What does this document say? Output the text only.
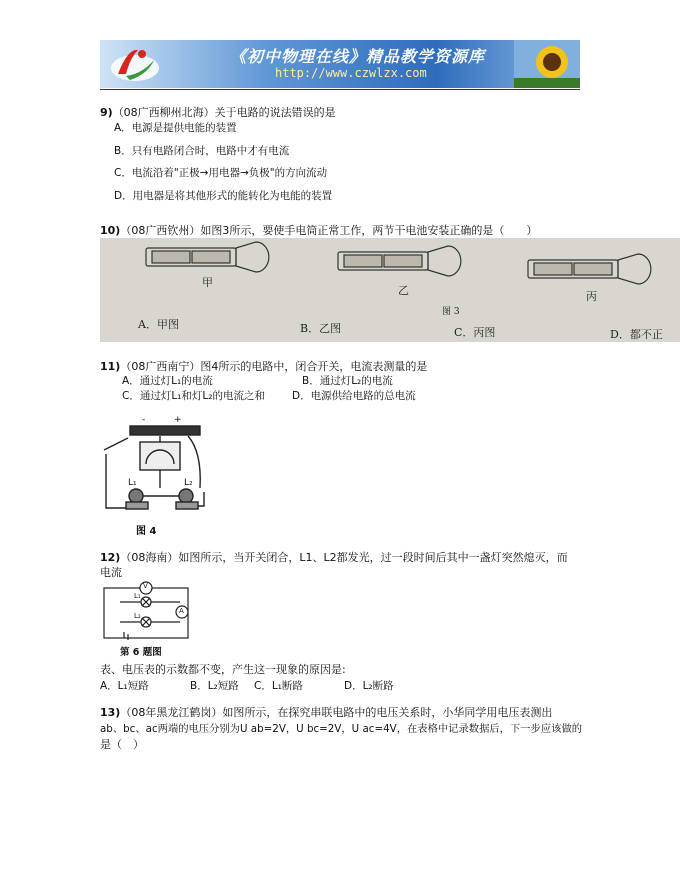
《初中物理在线》精品教学资源库
http://www.czwlzx.com
9)（08广西柳州北海）关于电路的说法错误的是
A．电源是提供电能的装置
B．只有电路闭合时，电路中才有电流
C．电流沿着"正极→用电器→负极"的方向流动
D．用电器是将其他形式的能转化为电能的装置
10)（08广西钦州）如图3所示，要使手电筒正常工作，两节干电池安装正确的是（　　）
甲
乙	丙
图 3
A．甲图	B．乙图	C．丙图	D．都不正
11)（08广西南宁）图4所示的电路中，闭合开关，电流表测量的是
A．通过灯L₁的电流	B．通过灯L₂的电流
C．通过灯L₁和灯L₂的电流之和	D．电源供给电路的总电流
-	+
L₁	L₂
图 4
12)（08海南）如图所示，当开关闭合，L1、L2都发光，过一段时间后其中一盏灯突然熄灭，而
电流
V
L₁
A
L₂
第 6 题图
表、电压表的示数都不变，产生这一现象的原因是:
A．L₁短路	B．L₂短路 C．L₁断路	D．L₂断路
13)（08年黑龙江鹤岗）如图所示，在探究串联电路中的电压关系时，小华同学用电压表测出
ab、bc、ac两端的电压分别为U ab=2V，U bc=2V，U ac=4V，在表格中记录数据后，下一步应该做的
是（　）
